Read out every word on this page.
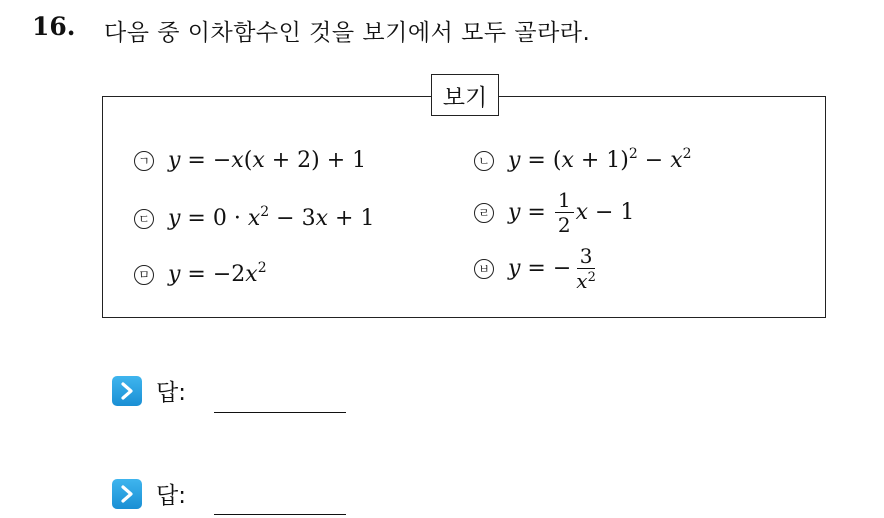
16. 다음 중 이차함수인 것을 보기에서 모두 골라라.
보기
ㄱ y = −x(x + 2) + 1	ㄴ $y = (x + 1)^2 - x^2$
ㄷ $y = 0 \cdot x^2 - 3x + 1$	ㄹ $y = \frac{1}{2}$ x − 1
ㅁ $y = -2x^2$	ㅂ y = − $\frac{3}{x^2}$
답:
답:
